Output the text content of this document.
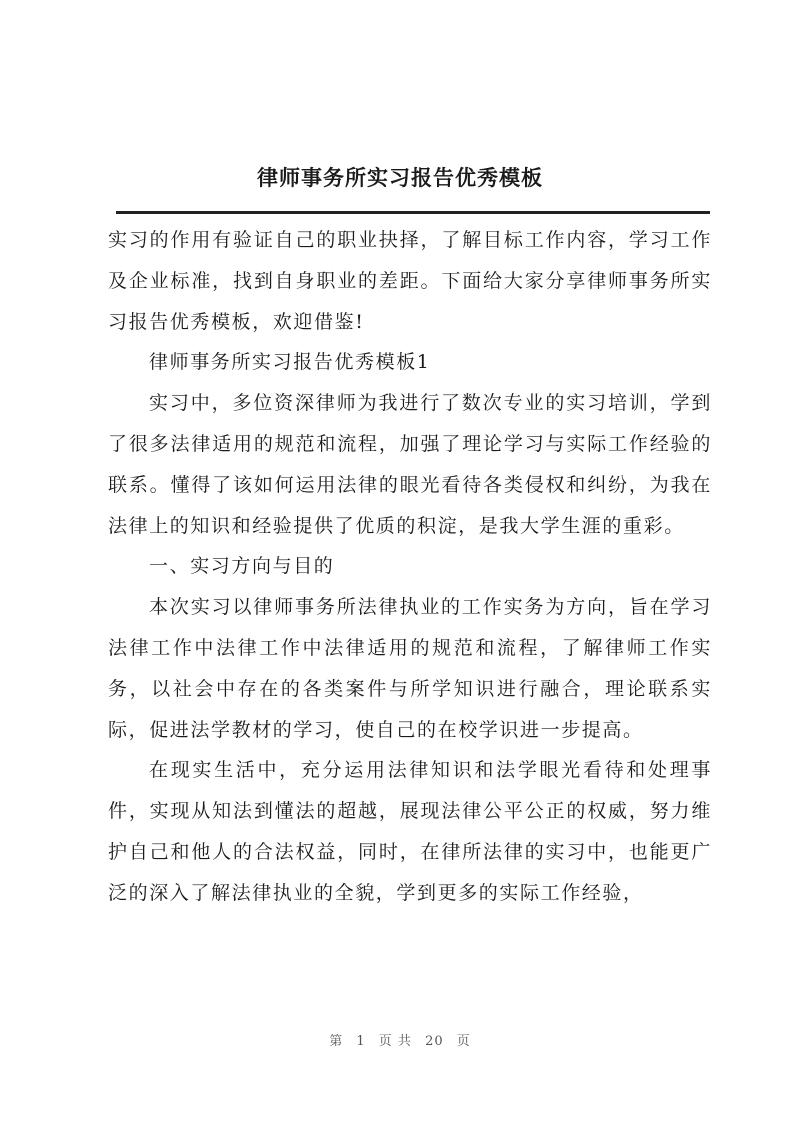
律师事务所实习报告优秀模板

实习的作用有验证自己的职业抉择，了解目标工作内容，学习工作及企业标准，找到自身职业的差距。下面给大家分享律师事务所实习报告优秀模板，欢迎借鉴!

律师事务所实习报告优秀模板1

实习中，多位资深律师为我进行了数次专业的实习培训，学到了很多法律适用的规范和流程，加强了理论学习与实际工作经验的联系。懂得了该如何运用法律的眼光看待各类侵权和纠纷，为我在法律上的知识和经验提供了优质的积淀，是我大学生涯的重彩。

一、实习方向与目的

本次实习以律师事务所法律执业的工作实务为方向，旨在学习法律工作中法律工作中法律适用的规范和流程，了解律师工作实务，以社会中存在的各类案件与所学知识进行融合，理论联系实际，促进法学教材的学习，使自己的在校学识进一步提高。

在现实生活中，充分运用法律知识和法学眼光看待和处理事件，实现从知法到懂法的超越，展现法律公平公正的权威，努力维护自己和他人的合法权益，同时，在律所法律的实习中，也能更广泛的深入了解法律执业的全貌，学到更多的实际工作经验，

第 1 页 共 20 页
